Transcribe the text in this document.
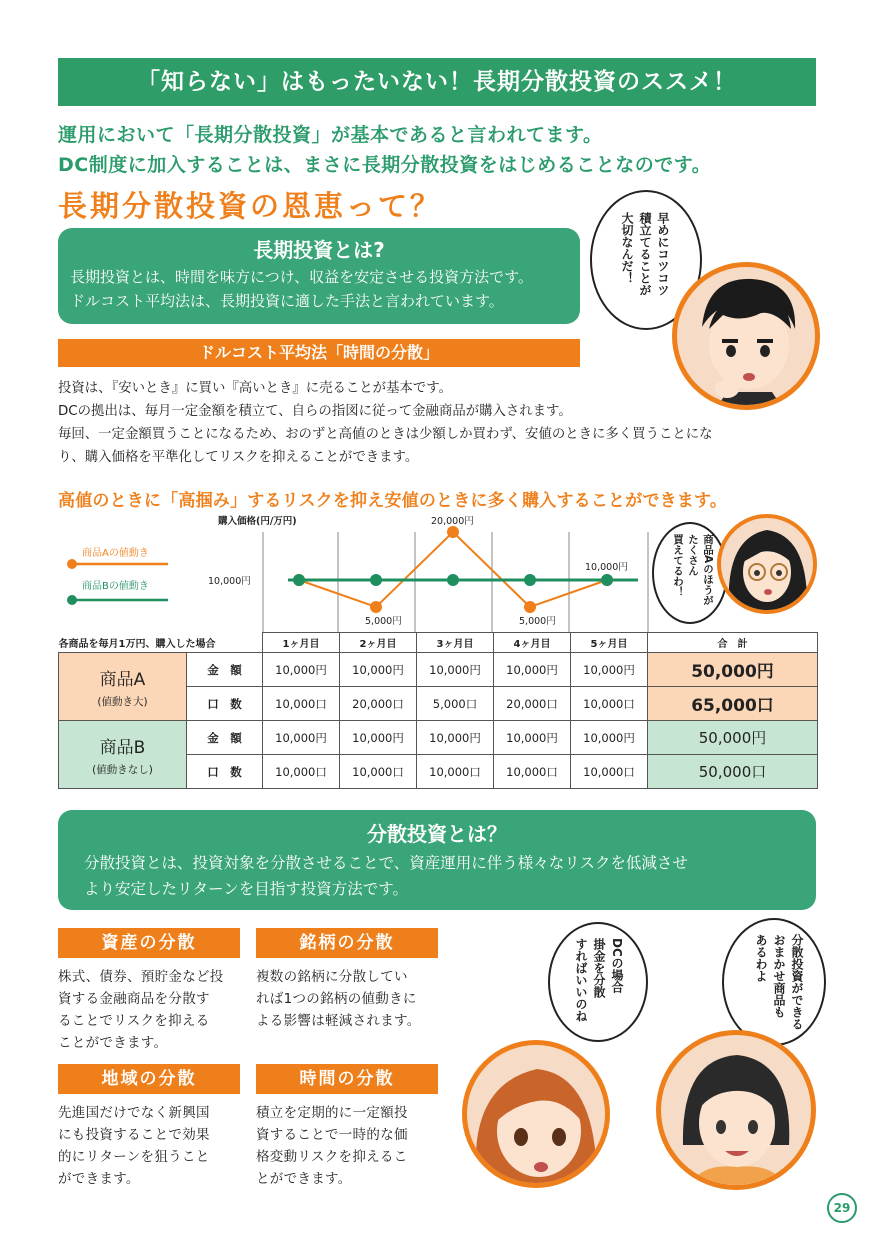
「知らない」はもったいない！長期分散投資のススメ！
運用において「長期分散投資」が基本であると言われてます。
DC制度に加入することは、まさに長期分散投資をはじめることなのです。
長期分散投資の恩恵って？
長期投資とは?
長期投資とは、時間を味方につけ、収益を安定させる投資方法です。
ドルコスト平均法は、長期投資に適した手法と言われています。
早めにコツコツ
積立てることが
大切なんだ！
ドルコスト平均法「時間の分散」
投資は、『安いとき』に買い『高いとき』に売ることが基本です。
DCの拠出は、毎月一定金額を積立て、自らの指図に従って金融商品が購入されます。
毎回、一定金額買うことになるため、おのずと高値のときは少額しか買わず、安値のときに多く買うことにな
り、購入価格を平準化してリスクを抑えることができます。
高値のときに「高掴み」するリスクを抑え安値のときに多く購入することができます。
購入価格(円/万円)
5,000円
20,000円
5,000円
10,000円
商品Aの値動き
商品Bの値動き	10,000円	商品Aのほうが
たくさん
買えてるわ！
各商品を毎月1万円、購入した場合		1ヶ月目	2ヶ月目	3ヶ月目	4ヶ月目	5ヶ月目	合　計

商品A
(値動き大)	金　額	10,000円	10,000円	10,000円	10,000円	10,000円	50,000円
	口　数	10,000口	20,000口	5,000口	20,000口	10,000口	65,000口

商品B
(値動きなし)	金　額	10,000円	10,000円	10,000円	10,000円	10,000円	50,000円
	口　数	10,000口	10,000口	10,000口	10,000口	10,000口	50,000口
分散投資とは？
分散投資とは、投資対象を分散させることで、資産運用に伴う様々なリスクを低減させ
より安定したリターンを目指す投資方法です。
資産の分散
株式、債券、預貯金など投
資する金融商品を分散す
ることでリスクを抑える
ことができます。
銘柄の分散
複数の銘柄に分散してい
れば1つの銘柄の値動きに
よる影響は軽減されます。
地域の分散
先進国だけでなく新興国
にも投資することで効果
的にリターンを狙うこと
ができます。
時間の分散
積立を定期的に一定額投
資することで一時的な価
格変動リスクを抑えるこ
とができます。
DCの場合
掛金を分散
すればいいのね	分散投資ができる
おまかせ商品も
あるわよ
29
